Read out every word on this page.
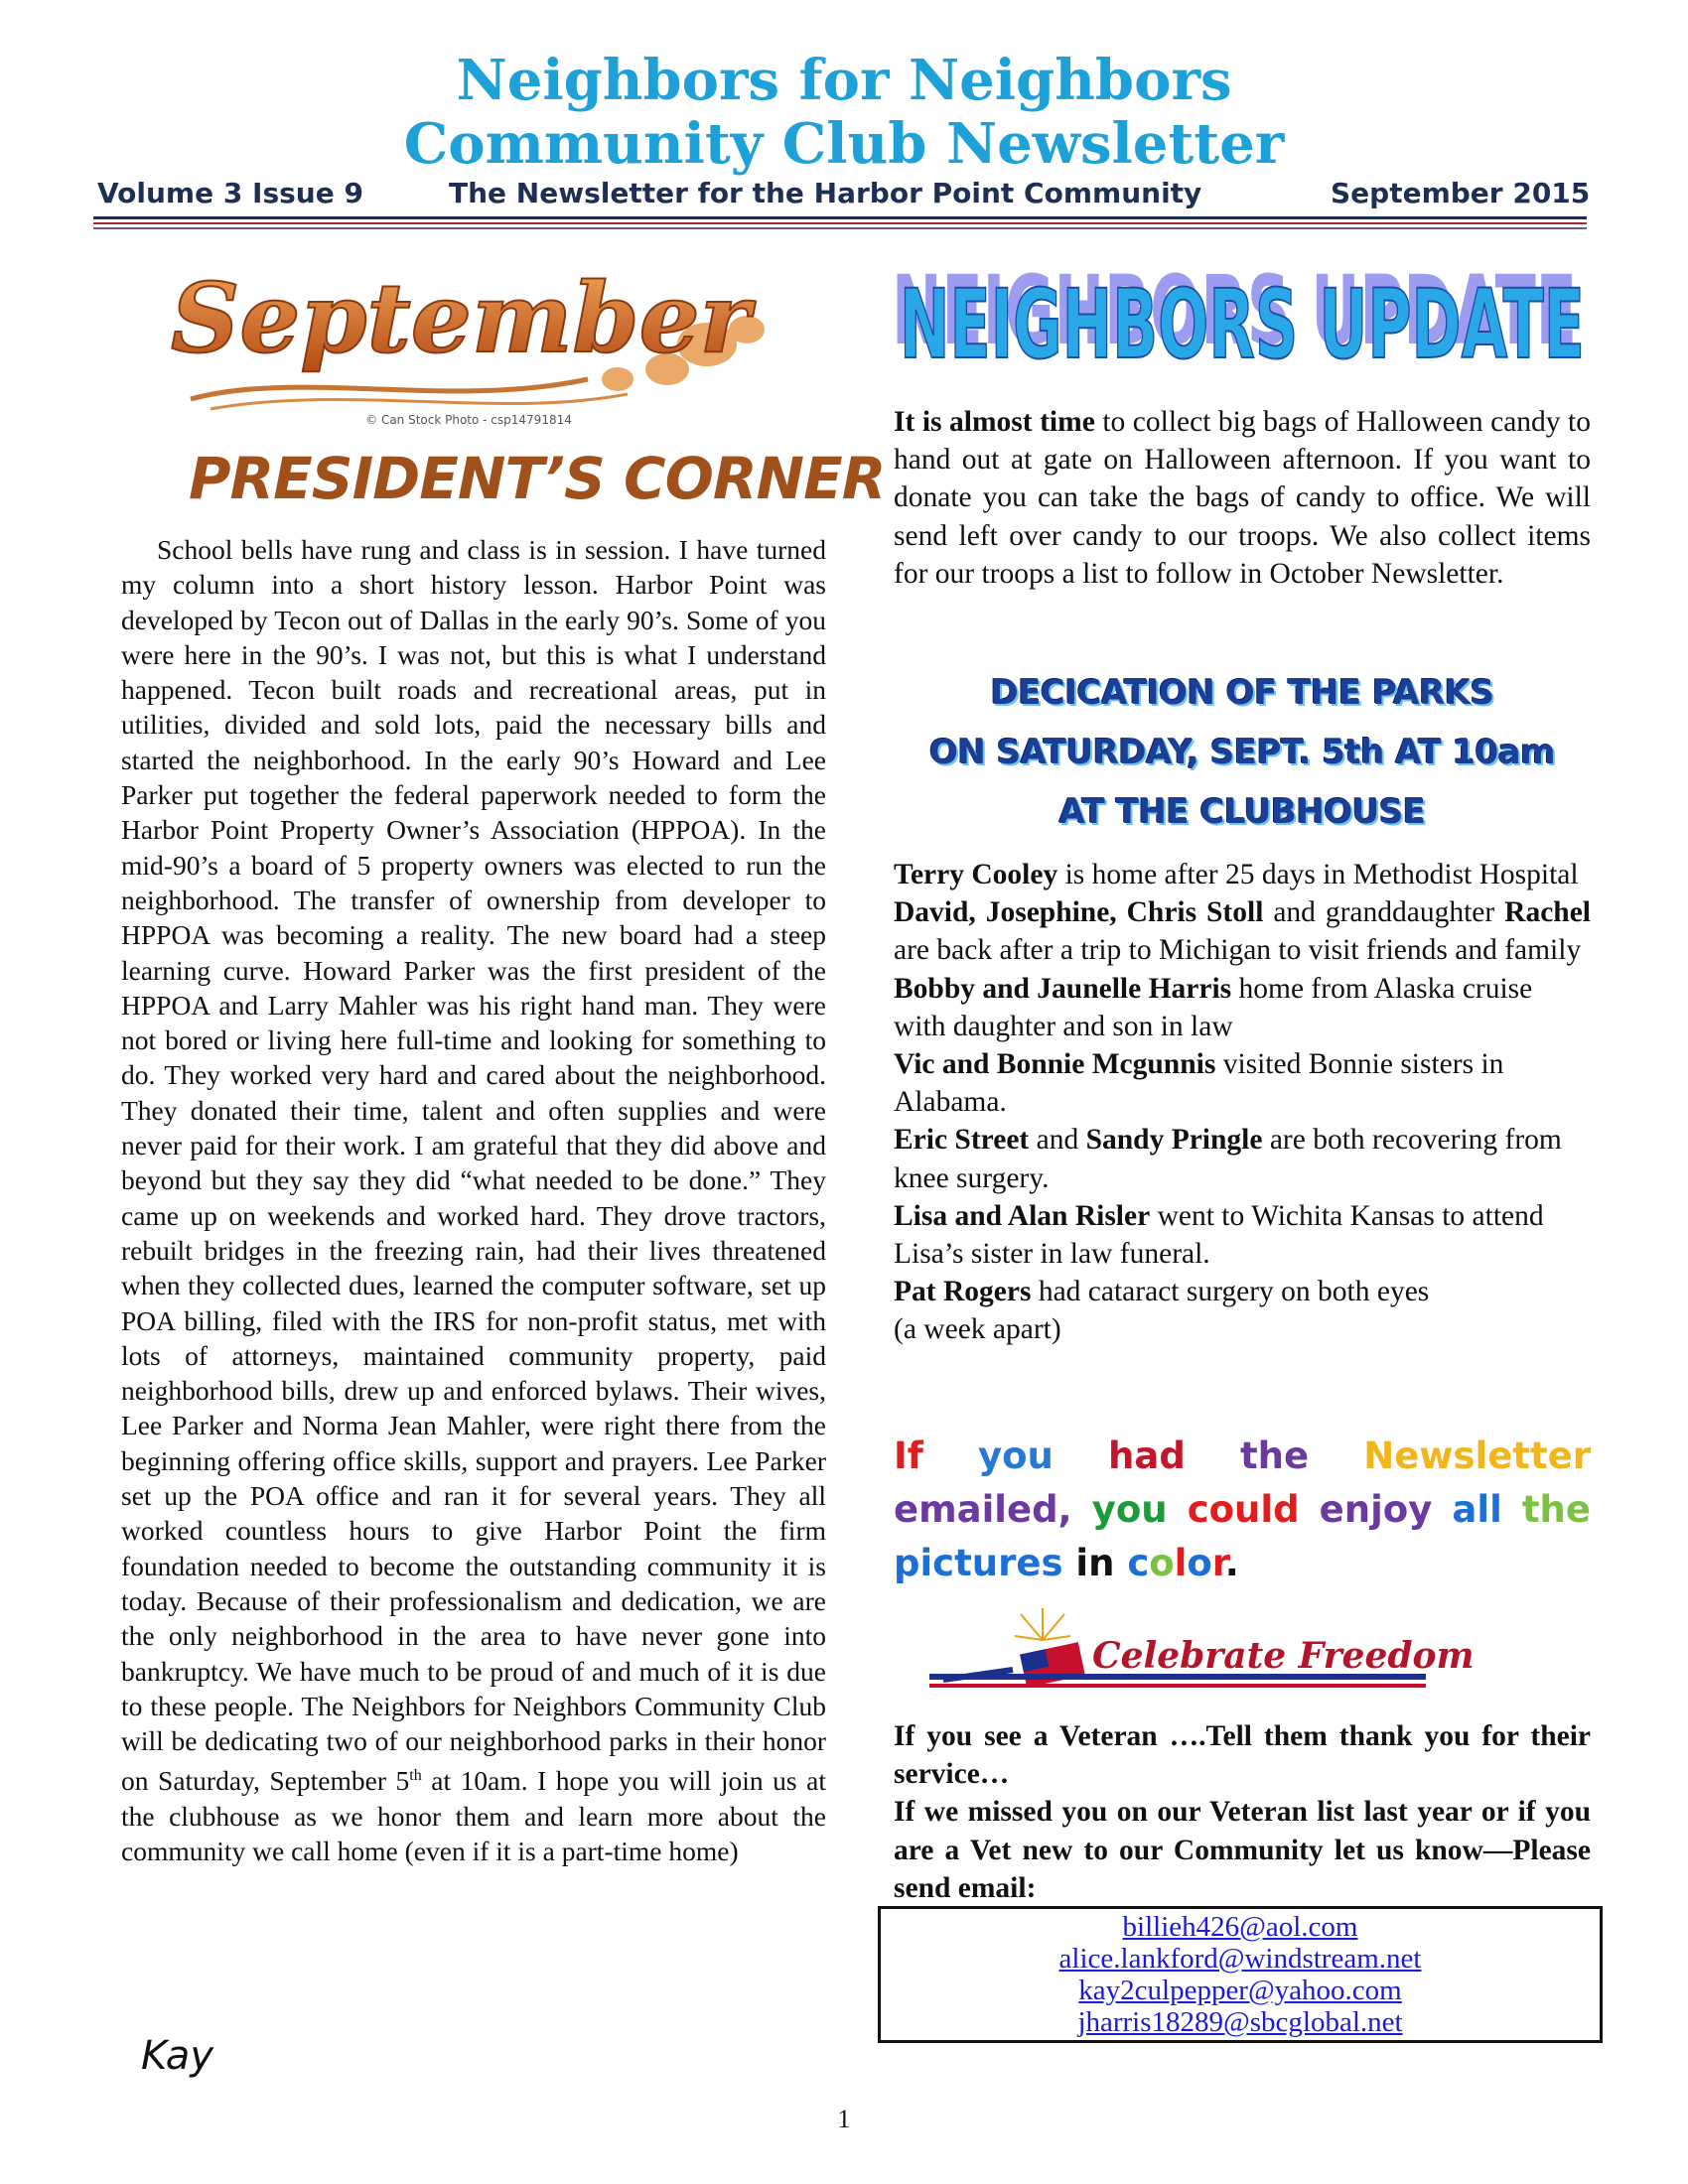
Neighbors for Neighbors
Community Club Newsletter
Volume 3 Issue 9	The Newsletter for the Harbor Point Community	September 2015
September
© Can Stock Photo - csp14791814
PRESIDENT’S CORNER

School bells have rung and class is in session. I have turned my column into a short history lesson. Harbor Point was developed by Tecon out of Dallas in the early 90’s. Some of you were here in the 90’s. I was not, but this is what I understand happened. Tecon built roads and recreational areas, put in utilities, divided and sold lots, paid the necessary bills and started the neighborhood. In the early 90’s Howard and Lee Parker put together the federal paperwork needed to form the Harbor Point Property Owner’s Association (HPPOA). In the mid-90’s a board of 5 property owners was elected to run the neighborhood. The transfer of ownership from developer to HPPOA was becoming a reality. The new board had a steep learning curve. Howard Parker was the first president of the HPPOA and Larry Mahler was his right hand man. They were not bored or living here full-time and looking for something to do. They worked very hard and cared about the neighborhood. They donated their time, talent and often supplies and were never paid for their work. I am grateful that they did above and beyond but they say they did “what needed to be done.” They came up on weekends and worked hard. They drove tractors, rebuilt bridges in the freezing rain, had their lives threatened when they collected dues, learned the computer software, set up POA billing, filed with the IRS for non-profit status, met with lots of attorneys, maintained community property, paid neighborhood bills, drew up and enforced bylaws. Their wives, Lee Parker and Norma Jean Mahler, were right there from the beginning offering office skills, support and prayers. Lee Parker set up the POA office and ran it for several years. They all worked countless hours to give Harbor Point the firm foundation needed to become the outstanding community it is today. Because of their professionalism and dedication, we are the only neighborhood in the area to have never gone into bankruptcy. We have much to be proud of and much of it is due to these people. The Neighbors for Neighbors Community Club will be dedicating two of our neighborhood parks in their honor on Saturday, September 5th at 10am. I hope you will join us at the clubhouse as we honor them and learn more about the community we call home (even if it is a part-time home)

Kay
NEIGHBORS UPDATE
NEIGHBORS UPDATE
It is almost time to collect big bags of Halloween candy to hand out at gate on Halloween afternoon. If you want to donate you can take the bags of candy to office. We will send left over candy to our troops. We also collect items for our troops a list to follow in October Newsletter.
DECICATION OF THE PARKS
ON SATURDAY, SEPT. 5th AT 10am
AT THE CLUBHOUSE

Terry Cooley is home after 25 days in Methodist Hospital

David, Josephine, Chris Stoll and granddaughter Rachel are back after a trip to Michigan to visit friends and family

Bobby and Jaunelle Harris home from Alaska cruise with daughter and son in law

Vic and Bonnie Mcgunnis visited Bonnie sisters in Alabama.

Eric Street and Sandy Pringle are both recovering from knee surgery.

Lisa and Alan Risler went to Wichita Kansas to attend Lisa’s sister in law funeral.

Pat Rogers had cataract surgery on both eyes

(a week apart)

If you had the Newsletter emailed, you could enjoy all the pictures in color.
Celebrate Freedom

If you see a Veteran ….Tell them thank you for their service…

If we missed you on our Veteran list last year or if you are a Vet new to our Community let us know—Please send email:

billieh426@aol.com
alice.lankford@windstream.net
kay2culpepper@yahoo.com
jharris18289@sbcglobal.net
1
